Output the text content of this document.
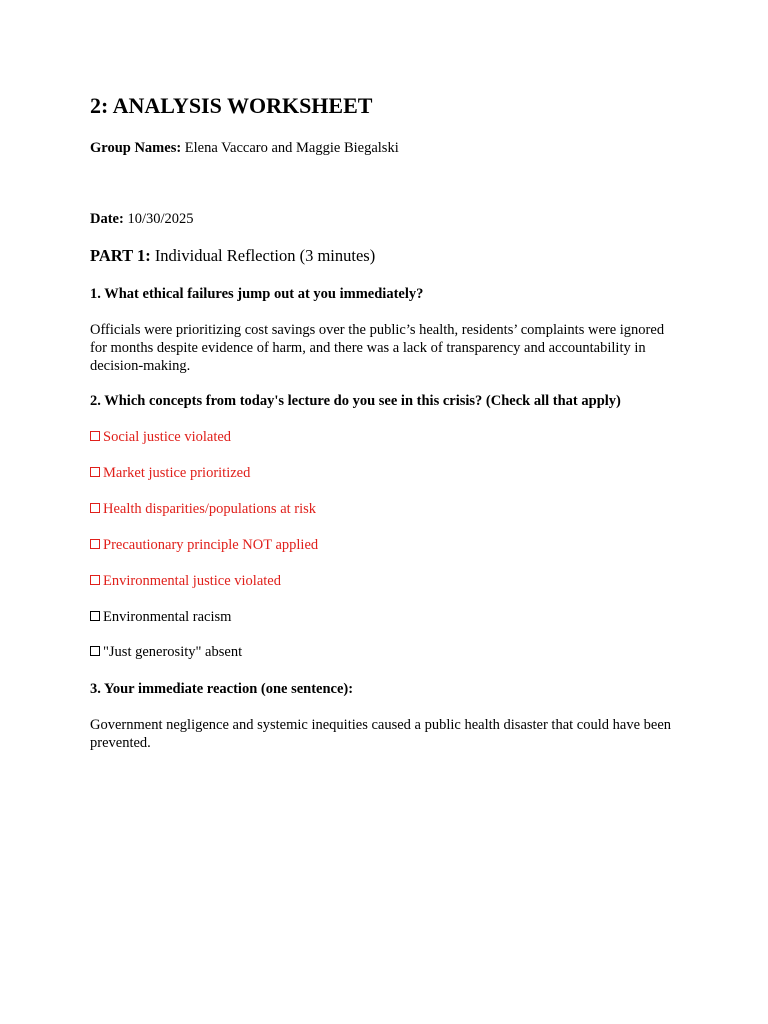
2: ANALYSIS WORKSHEET

Group Names: Elena Vaccaro and Maggie Biegalski

Date: 10/30/2025

PART 1: Individual Reflection (3 minutes)

1. What ethical failures jump out at you immediately?

Officials were prioritizing cost savings over the public’s health, residents’ complaints were ignored for months despite evidence of harm, and there was a lack of transparency and accountability in decision-making.

2. Which concepts from today's lecture do you see in this crisis? (Check all that apply)

Social justice violated

Market justice prioritized

Health disparities/populations at risk

Precautionary principle NOT applied

Environmental justice violated

Environmental racism

"Just generosity" absent

3. Your immediate reaction (one sentence):

Government negligence and systemic inequities caused a public health disaster that could have been prevented.
